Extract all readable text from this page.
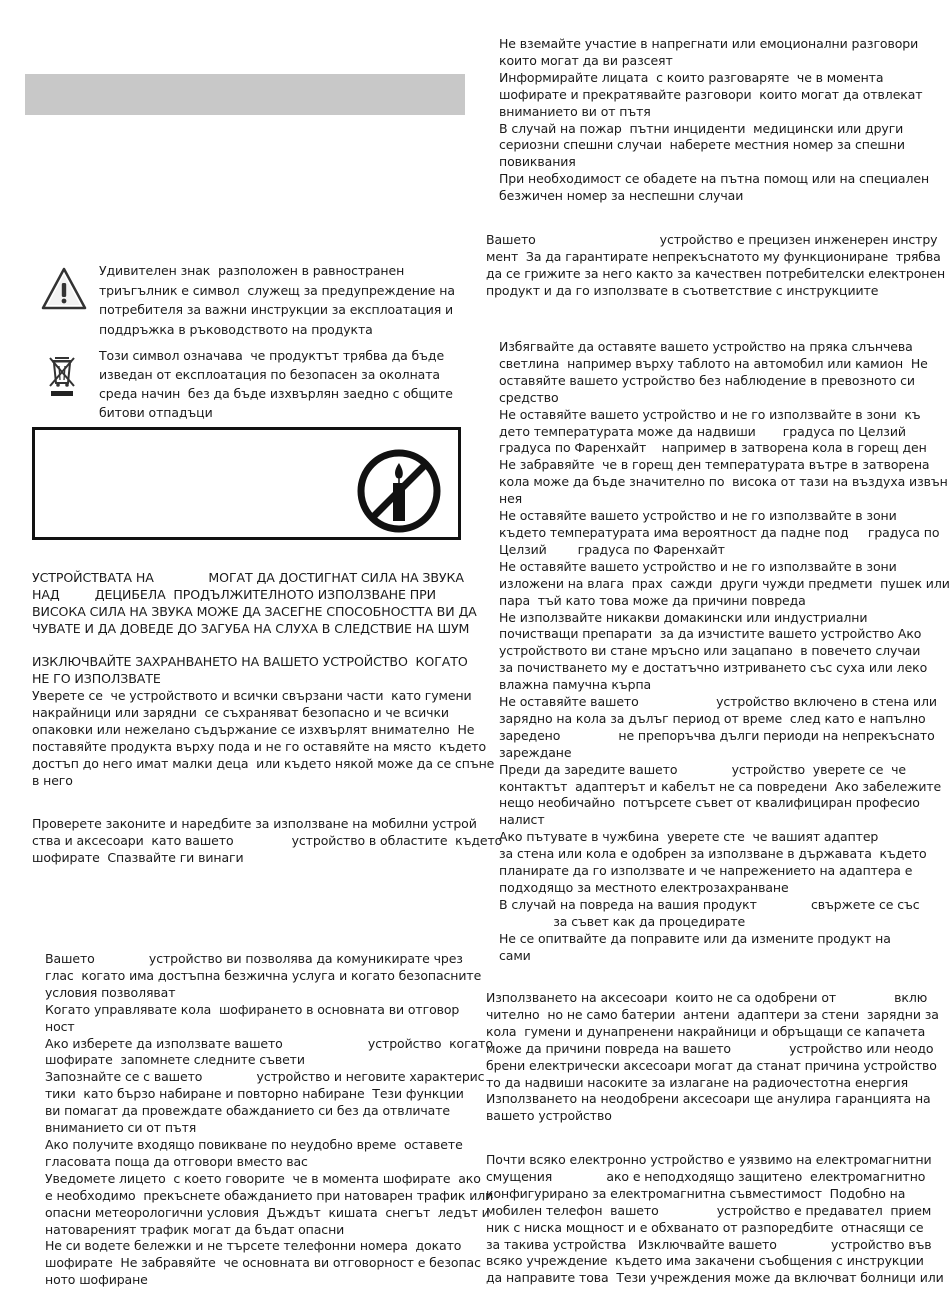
Удивителен знак  разположен в равностранен
триъгълник е символ  служещ за предупреждение на
потребителя за важни инструкции за експлоатация и
поддръжка в ръководството на продукта
Този символ означава  че продуктът трябва да бъде
изведан от експлоатация по безопасен за околната
среда начин  без да бъде изхвърлян заедно с общите
битови отпадъци
УСТРОЙСТВАТА НА              МОГАТ ДА ДОСТИГНАТ СИЛА НА ЗВУКА
НАД         ДЕЦИБЕЛА  ПРОДЪЛЖИТЕЛНОТО ИЗПОЛЗВАНЕ ПРИ
ВИСОКА СИЛА НА ЗВУКА МОЖЕ ДА ЗАСЕГНЕ СПОСОБНОСТТА ВИ ДА
ЧУВАТЕ И ДА ДОВЕДЕ ДО ЗАГУБА НА СЛУХА В СЛЕДСТВИЕ НА ШУМ
ИЗКЛЮЧВАЙТЕ ЗАХРАНВАНЕТО НА ВАШЕТО УСТРОЙСТВО  КОГАТО
НЕ ГО ИЗПОЛЗВАТЕ
Уверете се  че устройството и всички свързани части  като гумени
накрайници или зарядни  се съхраняват безопасно и че всички
опаковки или нежелано съдържание се изхвърлят внимателно  Не
поставяйте продукта върху пода и не го оставяйте на място  където
достъп до него имат малки деца  или където някой може да се спъне
в него
Проверете законите и наредбите за използване на мобилни устрой
ства и аксесоари  като вашето               устройство в областите  където
шофирате  Спазвайте ги винаги
Вашето              устройство ви позволява да комуникирате чрез
глас  когато има достъпна безжична услуга и когато безопасните
условия позволяват
Когато управлявате кола  шофирането в основната ви отговор
ност
Ако изберете да използвате вашето                      устройство  когато
шофирате  запомнете следните съвети
Запознайте се с вашето              устройство и неговите характерис
тики  като бързо набиране и повторно набиране  Тези функции
ви помагат да провеждате обажданието си без да отвличате
вниманието си от пътя
Ако получите входящо повикване по неудобно време  оставете
гласовата поща да отговори вместо вас
Уведомете лицето  с което говорите  че в момента шофирате  ако
е необходимо  прекъснете обажданието при натоварен трафик или
опасни метеорологични условия  Дъждът  кишата  снегът  ледът и
натовареният трафик могат да бъдат опасни
Не си водете бележки и не търсете телефонни номера  докато
шофирате  Не забравяйте  че основната ви отговорност е безопас
ното шофиране
Не вземайте участие в напрегнати или емоционални разговори
които могат да ви разсеят
Информирайте лицата  с които разговаряте  че в момента
шофирате и прекратявайте разговори  които могат да отвлекат
вниманието ви от пътя
В случай на пожар  пътни инциденти  медицински или други
сериозни спешни случаи  наберете местния номер за спешни
повиквания
При необходимост се обадете на пътна помощ или на специален
безжичен номер за неспешни случаи
Вашето                                устройство е прецизен инженерен инстру
мент  За да гарантирате непрекъснатото му функциониране  трябва
да се грижите за него както за качествен потребителски електронен
продукт и да го използвате в съответствие с инструкциите
Избягвайте да оставяте вашето устройство на пряка слънчева
светлина  например върху таблото на автомобил или камион  Не
оставяйте вашето устройство без наблюдение в превозното си
средство
Не оставяйте вашето устройство и не го използвайте в зони  къ
дето температурата може да надвиши       градуса по Целзий
градуса по Фаренхайт    например в затворена кола в горещ ден
Не забравяйте  че в горещ ден температурата вътре в затворена
кола може да бъде значително по  висока от тази на въздуха извън
нея
Не оставяйте вашето устройство и не го използвайте в зони
където температурата има вероятност да падне под     градуса по
Целзий        градуса по Фаренхайт
Не оставяйте вашето устройство и не го използвайте в зони
изложени на влага  прах  сажди  други чужди предмети  пушек или
пара  тъй като това може да причини повреда
Не използвайте никакви домакински или индустриални
почистващи препарати  за да изчистите вашето устройство Ако
устройството ви стане мръсно или зацапано  в повечето случаи
за почистването му е достатъчно изтриването със суха или леко
влажна памучна кърпа
Не оставяйте вашето                    устройство включено в стена или
зарядно на кола за дълъг период от време  след като е напълно
заредено               не препоръчва дълги периоди на непрекъснато
зареждане
Преди да заредите вашето              устройство  уверете се  че
контактът  адаптерът и кабелът не са повредени  Ако забележите
нещо необичайно  потърсете съвет от квалифициран професио
налист
Ако пътувате в чужбина  уверете сте  че вашият адаптер
за стена или кола е одобрен за използване в държавата  където
планирате да го използвате и че напрежението на адаптера е
подходящо за местното електрозахранване
В случай на повреда на вашия продукт              свържете се със
за съвет как да процедирате
Не се опитвайте да поправите или да измените продукт на
сами
Използването на аксесоари  които не са одобрени от               вклю
чително  но не само батерии  антени  адаптери за стени  зарядни за
кола  гумени и дунапренени накрайници и обръщащи се капачета
може да причини повреда на вашето               устройство или неодо
брени електрически аксесоари могат да станат причина устройство
то да надвиши насоките за излагане на радиочестотна енергия
Използването на неодобрени аксесоари ще анулира гаранцията на
вашето устройство
Почти всяко електронно устройство е уязвимо на електромагнитни
смущения              ако е неподходящо защитено  електромагнитно
конфигурирано за електромагнитна съвместимост  Подобно на
мобилен телефон  вашето               устройство е предавател  прием
ник с ниска мощност и е обхванато от разпоредбите  отнасящи се
за такива устройства   Изключвайте вашето              устройство във
всяко учреждение  където има закачени съобщения с инструкции
да направите това  Тези учреждения може да включват болници или
